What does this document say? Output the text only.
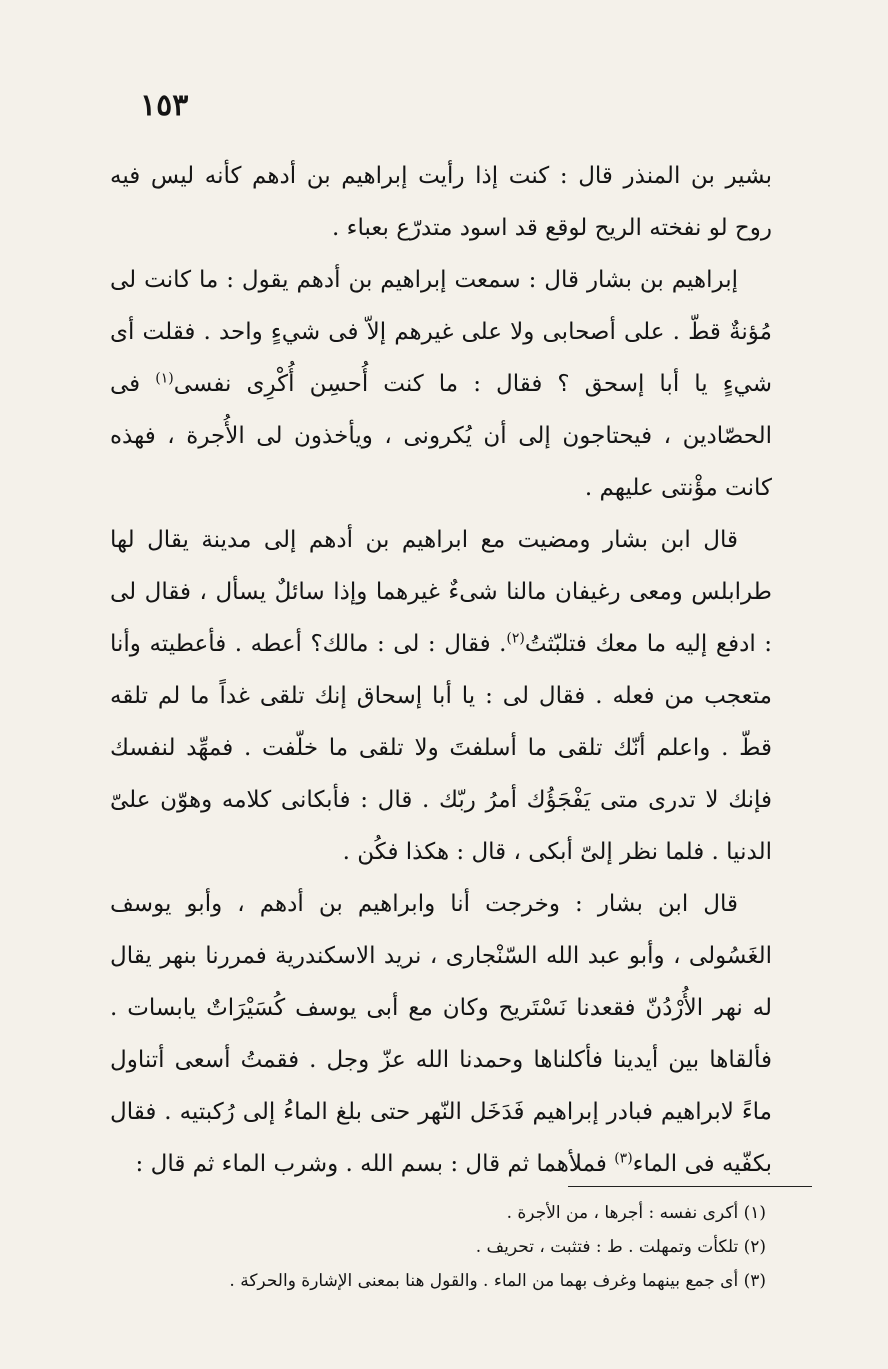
١٥٣

بشير بن المنذر قال : كنت إذا رأيت إبراهيم بن أدهم كأنه ليس فيه روح لو نفخته الريح لوقع قد اسود متدرّع بعباء .

إبراهيم بن بشار قال : سمعت إبراهيم بن أدهم يقول : ما كانت لى مُؤنةٌ قطّ . على أصحابى ولا على غيرهم إلاّ فى شيءٍ واحد . فقلت أى شيءٍ يا أبا إسحق ؟ فقال : ما كنت أُحسِن أُكْرِى نفسى$^{(١)}$ فى الحصّادين ، فيحتاجون إلى أن يُكرونى ، ويأخذون لى الأُجرة ، فهذه كانت مؤْنتى عليهم .

قال ابن بشار ومضيت مع ابراهيم بن أدهم إلى مدينة يقال لها طرابلس ومعى رغيفان مالنا شىءٌ غيرهما وإذا سائلٌ يسأل ، فقال لى : ادفع إليه ما معك فتلبّثتُ$^{(٢)}$. فقال : لى : مالك؟ أعطه . فأعطيته وأنا متعجب من فعله . فقال لى : يا أبا إسحاق إنك تلقى غداً ما لم تلقه قطّ . واعلم أنّك تلقى ما أسلفتَ ولا تلقى ما خلّفت . فمهِّد لنفسك فإنك لا تدرى متى يَفْجَؤُك أمرُ ربّك . قال : فأبكانى كلامه وهوّن علىّ الدنيا . فلما نظر إلىّ أبكى ، قال : هكذا فكُن .

قال ابن بشار : وخرجت أنا وابراهيم بن أدهم ، وأبو يوسف الغَسُولى ، وأبو عبد الله السّنْجارى ، نريد الاسكندرية فمررنا بنهر يقال له نهر الأُرْدُنّ فقعدنا نَسْتَريح وكان مع أبى يوسف كُسَيْرَاتٌ يابسات . فألقاها بين أيدينا فأكلناها وحمدنا الله عزّ وجل . فقمتُ أسعى أتناول ماءً لابراهيم فبادر إبراهيم فَدَخَل النّهر حتى بلغ الماءُ إلى رُكبتيه . فقال بكفّيه فى الماء$^{(٣)}$ فملأهما ثم قال : بسم الله . وشرب الماء ثم قال :

(١) أكرى نفسه : أجرها ، من الأجرة .

(٢) تلكأت وتمهلت . ط : فتثبت ، تحريف .

(٣) أى جمع بينهما وغرف بهما من الماء . والقول هنا بمعنى الإشارة والحركة .
